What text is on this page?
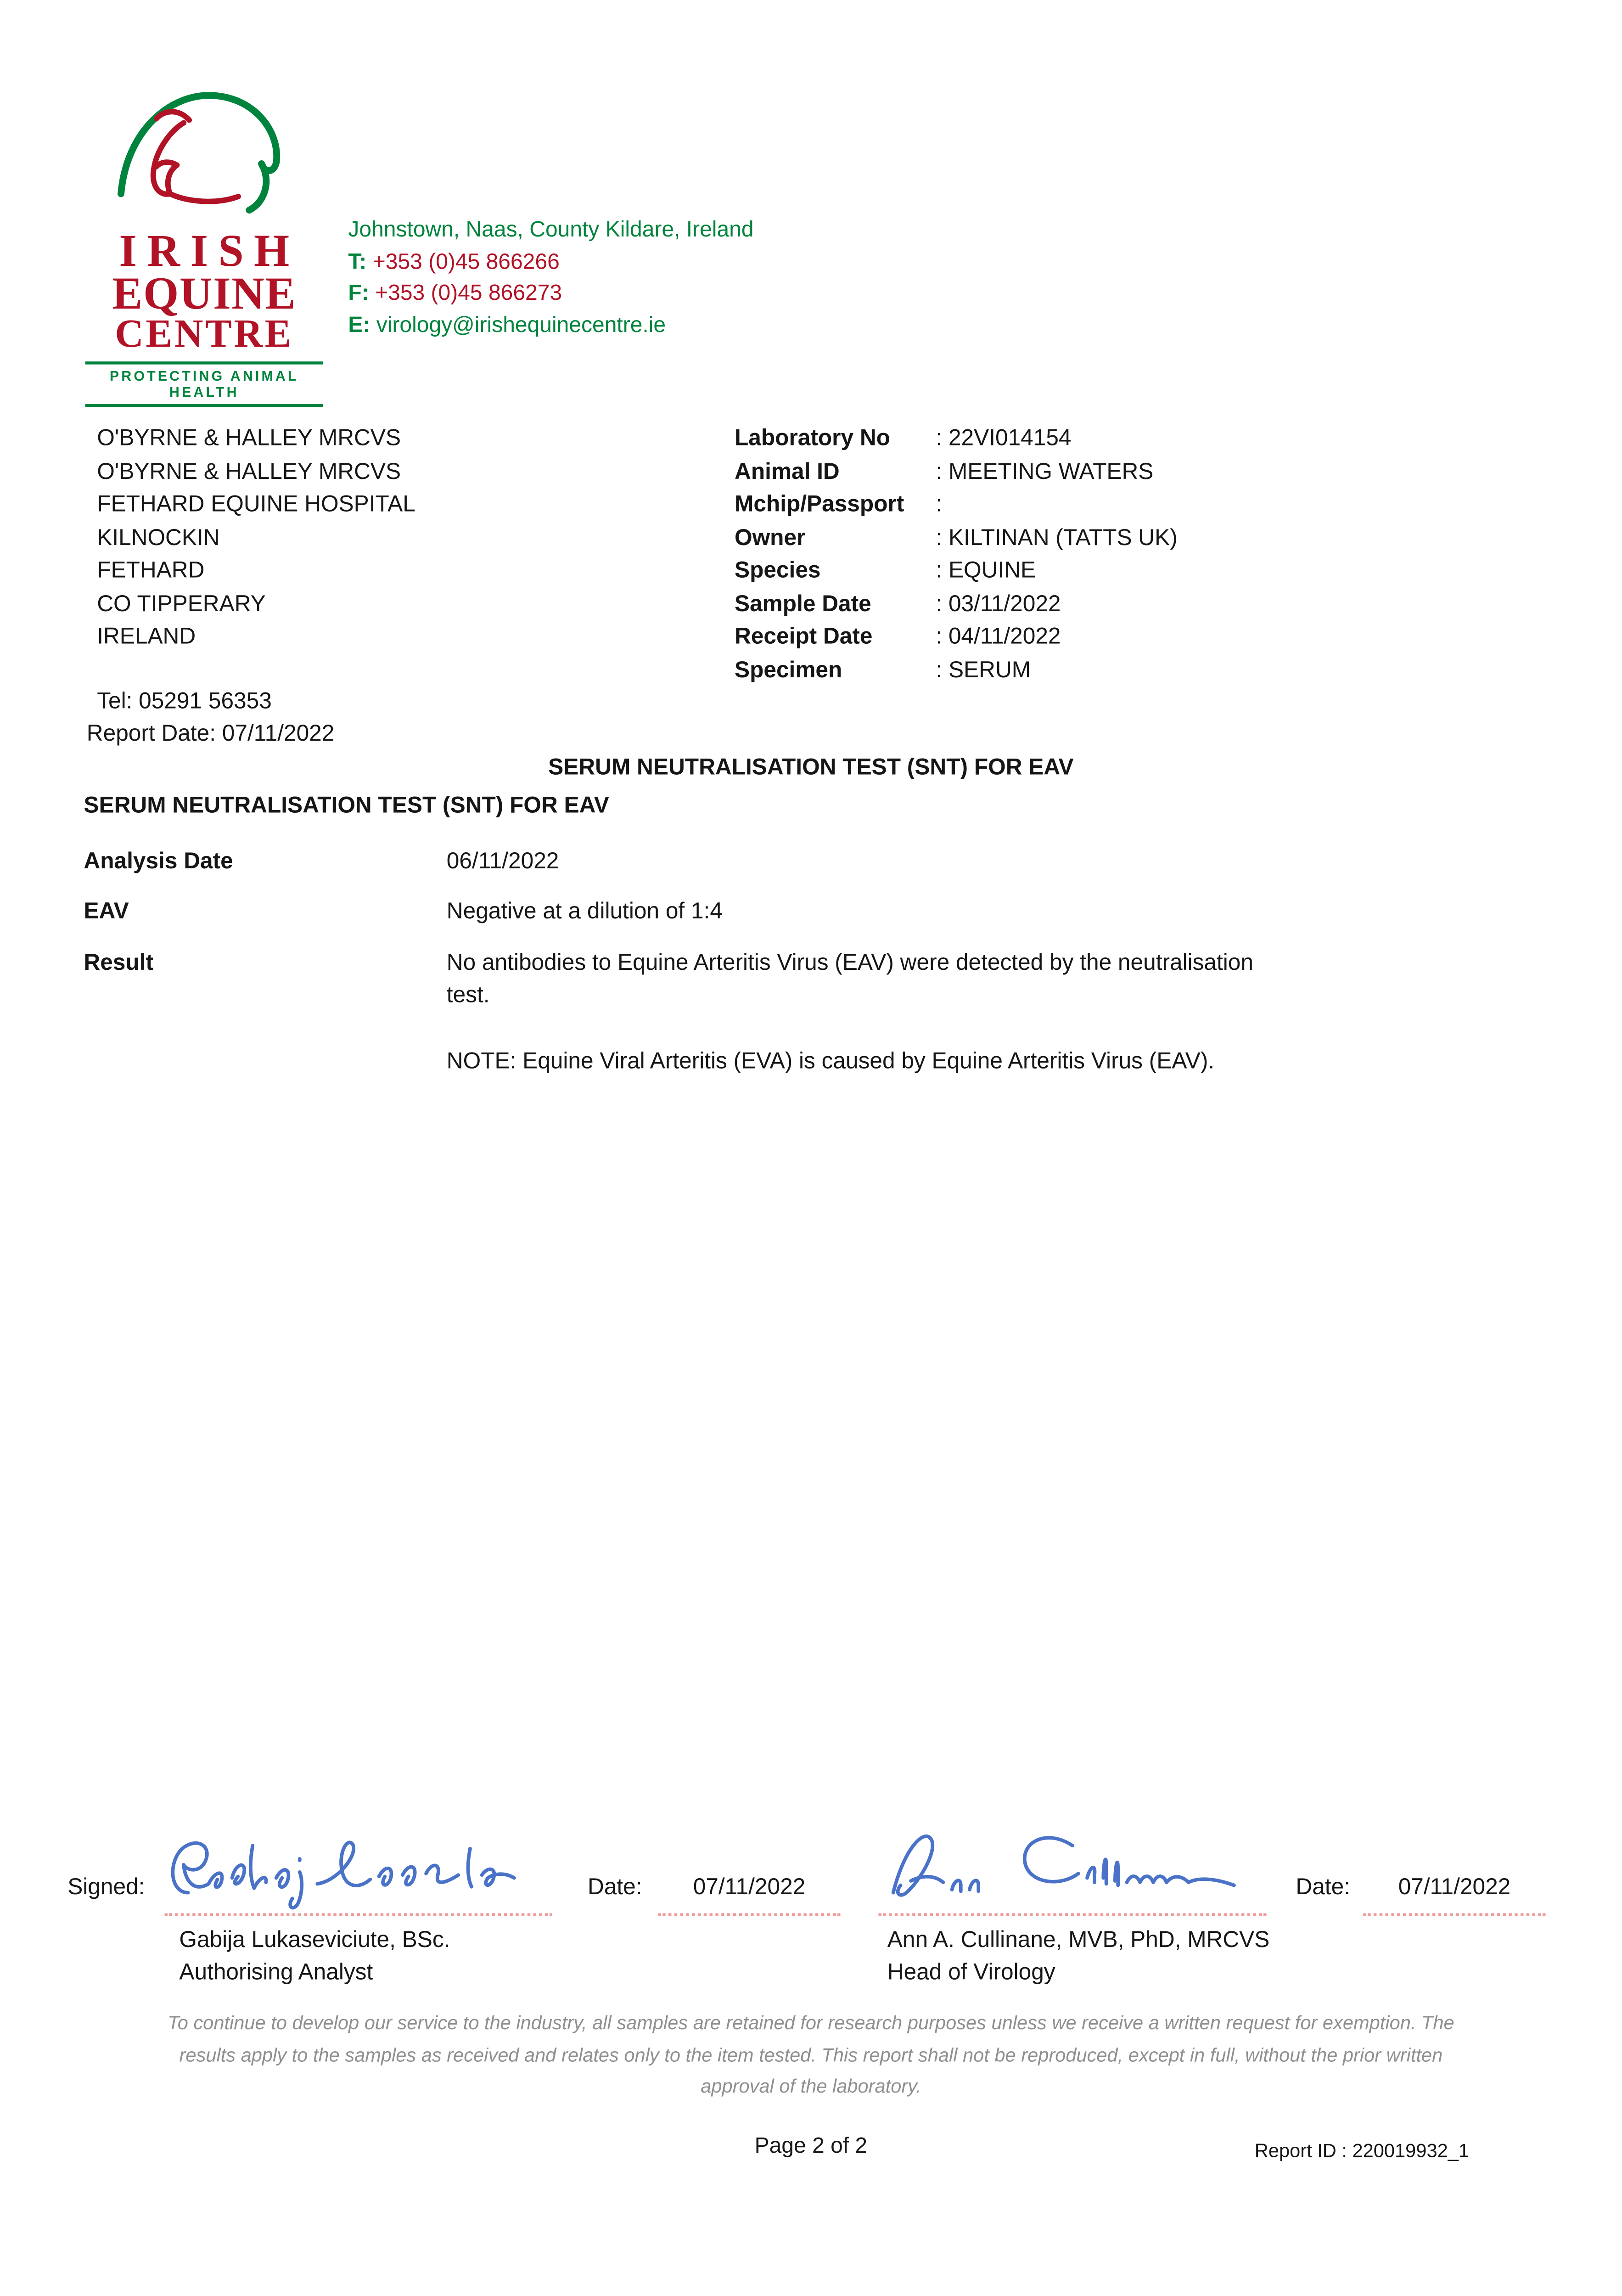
IRISH
EQUINE
CENTRE
PROTECTING ANIMAL HEALTH
Johnstown, Naas, County Kildare, Ireland
T: +353 (0)45 866266
F: +353 (0)45 866273
E: virology@irishequinecentre.ie
O'BYRNE & HALLEY MRCVS
O'BYRNE & HALLEY MRCVS
FETHARD EQUINE HOSPITAL
KILNOCKIN
FETHARD
CO TIPPERARY
IRELAND
Tel: 05291 56353
Report Date: 07/11/2022
Laboratory No	: 22VI014154
Animal ID	: MEETING WATERS
Mchip/Passport	:
Owner	: KILTINAN (TATTS UK)
Species	: EQUINE
Sample Date	: 03/11/2022
Receipt Date	: 04/11/2022
Specimen	: SERUM
SERUM NEUTRALISATION TEST (SNT) FOR EAV
SERUM NEUTRALISATION TEST (SNT) FOR EAV
Analysis Date	06/11/2022
EAV	Negative at a dilution of 1:4
Result	No antibodies to Equine Arteritis Virus (EAV) were detected by the neutralisation test.
NOTE: Equine Viral Arteritis (EVA) is caused by Equine Arteritis Virus (EAV).
Signed:	Date:	07/11/2022	Date:	07/11/2022
Gabija Lukaseviciute, BSc.
Authorising Analyst
Ann A. Cullinane, MVB, PhD, MRCVS
Head of Virology
To continue to develop our service to the industry, all samples are retained for research purposes unless we receive a written request for exemption. The results apply to the samples as received and relates only to the item tested. This report shall not be reproduced, except in full, without the prior written approval of the laboratory.
Page 2 of 2	Report ID : 220019932_1
